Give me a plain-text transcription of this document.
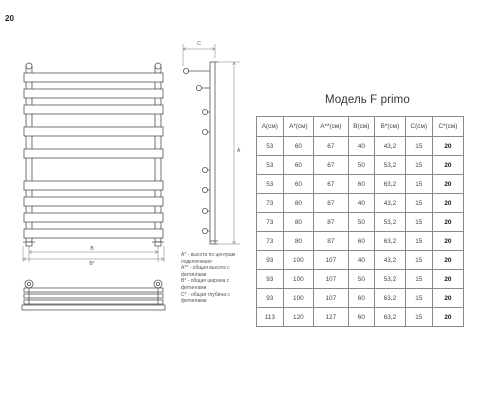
20
B
B*
C
A
Модель F primo
A(см)	A*(см)	A**(см)	B(см)	B*(см)	C(см)	C*(см)
53	60	67	40	43,2	15	20
53	60	67	50	53,2	15	20
53	60	67	60	63,2	15	20
73	80	87	40	43,2	15	20
73	80	87	50	53,2	15	20
73	80	87	60	63,2	15	20
93	100	107	40	43,2	15	20
93	100	107	50	53,2	15	20
93	100	107	60	63,2	15	20
113	120	127	60	63,2	15	20
A* - высота по центрам подключения
A** - общая высота с фитингами
B* - общая ширина с фитингами
C* - общая глубина с фитингами
